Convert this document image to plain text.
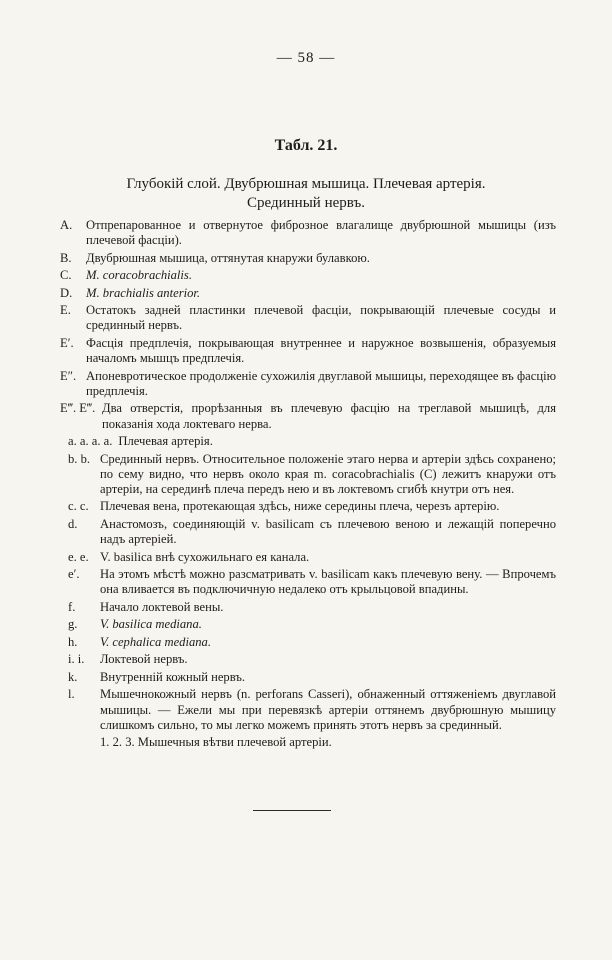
— 58 —
Табл. 21.
Глубокій слой. Двубрюшная мышица. Плечевая артерія.
Срединный нервъ.
A.	Отпрепарованное и отвернутое фиброзное влагалище двубрюшной мышицы (изъ плечевой фасціи).
B.	Двубрюшная мышица, оттянутая кнаружи булавкою.
C.	M. coracobrachialis.
D.	M. brachialis anterior.
E.	Остатокъ задней пластинки плечевой фасціи, покрывающій плечевые сосуды и срединный нервъ.
E′. Фасція предплечія, покрывающая внутреннее и наружное возвышенія, образуемыя началомъ мышцъ предплечія.
E″. Апоневротическое продолженіе сухожилія двуглавой мышицы, переходящее въ фасцію предплечія.
E‴. E‴. Два отверстія, прорѣзанныя въ плечевую фасцію на треглавой мышицѣ, для показанія хода локтеваго нерва.
a. a. a. a. Плечевая артерія.
b. b. Срединный нервъ. Относительное положеніе этаго нерва и артеріи здѣсь сохранено; по сему видно, что нервъ около края m. coracobrachialis (C) лежитъ кнаружи отъ артеріи, на серединѣ плеча передъ нею и въ локтевомъ сгибѣ кнутри отъ нея.
c. c. Плечевая вена, протекающая здѣсь, ниже середины плеча, черезъ артерію.
d.	Анастомозъ, соединяющій v. basilicam съ плечевою веною и лежащій поперечно надъ артеріей.
e. e. V. basilica внѣ сухожильнаго ея канала.
e′.	На этомъ мѣстѣ можно разсматривать v. basilicam какъ плечевую вену. — Впрочемъ она вливается въ подключичную недалеко отъ крыльцовой впадины.
f.	Начало локтевой вены.
g.	V. basilica mediana.
h.	V. cephalica mediana.
i. i.	Локтевой нервъ.
k.	Внутренній кожный нервъ.
l.	Мышечнокожный нервъ (n. perforans Casseri), обнаженный оттяженіемъ двуглавой мышицы. — Ежели мы при перевязкѣ артеріи оттянемъ двубрюшную мышицу слишкомъ сильно, то мы легко можемъ принять этотъ нервъ за срединный.
1. 2. 3. Мышечныя вѣтви плечевой артеріи.
